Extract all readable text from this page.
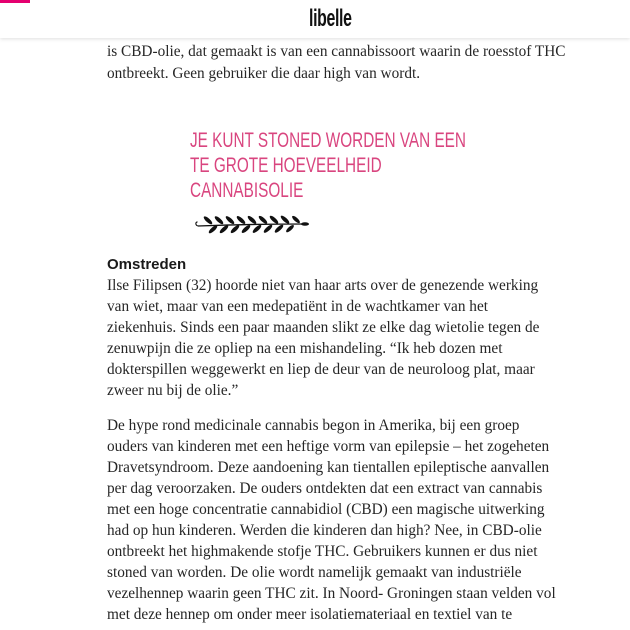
libelle
is CBD-olie, dat gemaakt is van een cannabissoort waarin de roesstof THC
ontbreekt. Geen gebruiker die daar high van wordt.
JE KUNT STONED WORDEN VAN EEN
TE GROTE HOEVEELHEID
CANNABISOLIE
Omstreden
Ilse Filipsen (32) hoorde niet van haar arts over de genezende werking
van wiet, maar van een medepatiënt in de wachtkamer van het
ziekenhuis. Sinds een paar maanden slikt ze elke dag wietolie tegen de
zenuwpijn die ze opliep na een mishandeling. “Ik heb dozen met
dokterspillen weggewerkt en liep de deur van de neuroloog plat, maar
zweer nu bij de olie.”
De hype rond medicinale cannabis begon in Amerika, bij een groep
ouders van kinderen met een heftige vorm van epilepsie – het zogeheten
Dravetsyndroom. Deze aandoening kan tientallen epileptische aanvallen
per dag veroorzaken. De ouders ontdekten dat een extract van cannabis
met een hoge concentratie cannabidiol (CBD) een magische uitwerking
had op hun kinderen. Werden die kinderen dan high? Nee, in CBD-olie
ontbreekt het highmakende stofje THC. Gebruikers kunnen er dus niet
stoned van worden. De olie wordt namelijk gemaakt van industriële
vezelhennep waarin geen THC zit. In Noord- Groningen staan velden vol
met deze hennep om onder meer isolatiemateriaal en textiel van te
